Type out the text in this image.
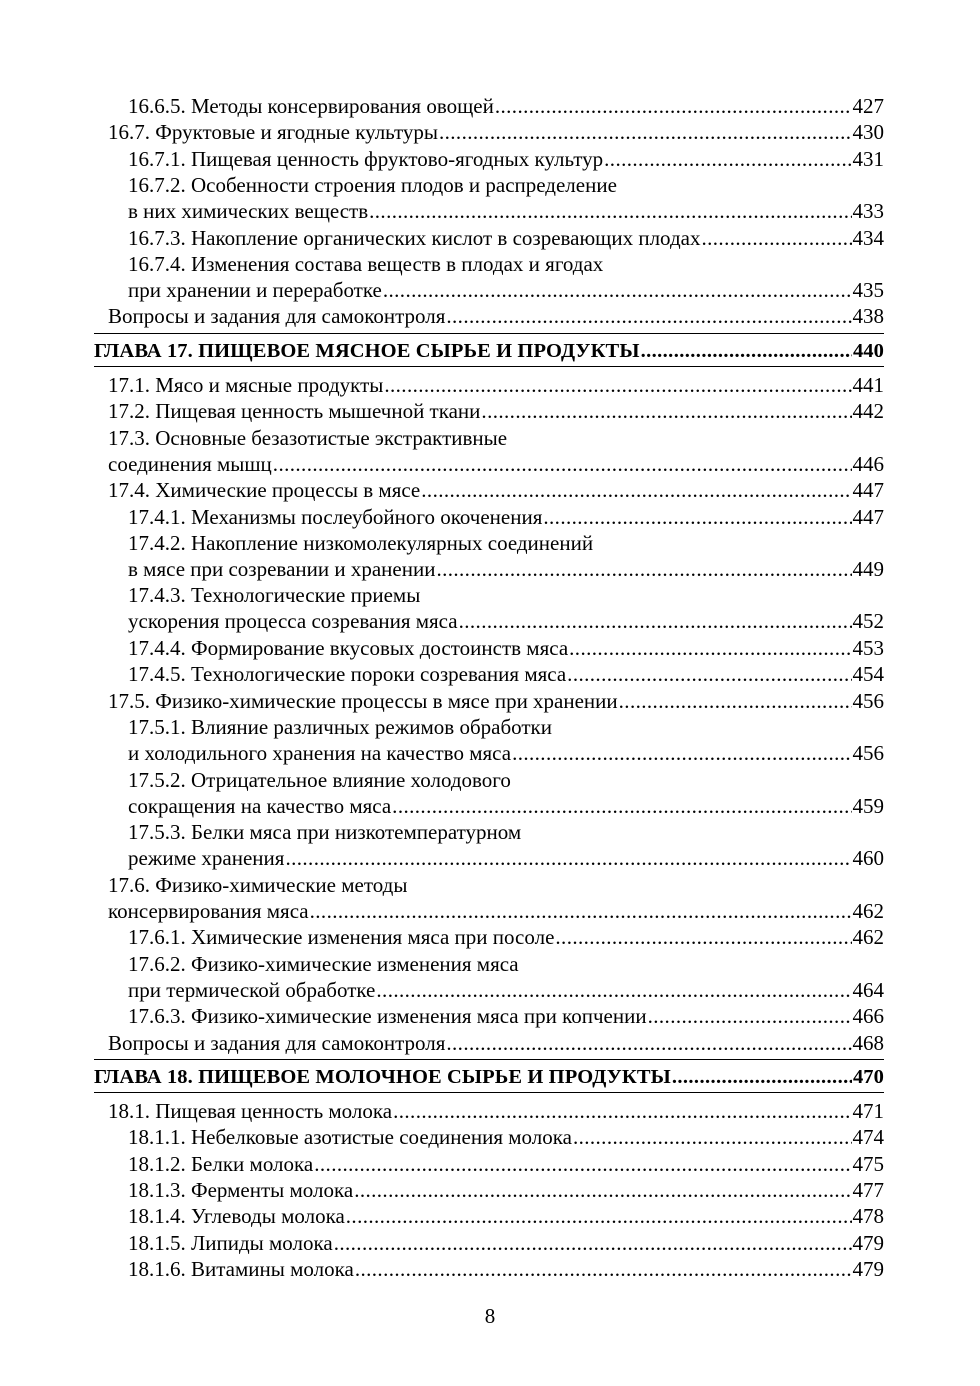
16.6.5. Методы консервирования овощей .....	427
16.7. Фруктовые и ягодные культуры .....	430
16.7.1. Пищевая ценность фруктово-ягодных культур .....	431
16.7.2. Особенности строения плодов и распределение
в них химических веществ .....	433
16.7.3. Накопление органических кислот в созревающих плодах .....	434
16.7.4. Изменения состава веществ в плодах и ягодах
при хранении и переработке .....	435
Вопросы и задания для самоконтроля .....	438
ГЛАВА 17. ПИЩЕВОЕ МЯСНОЕ СЫРЬЕ И ПРОДУКТЫ .....	440
17.1. Мясо и мясные продукты .....	441
17.2. Пищевая ценность мышечной ткани .....	442
17.3. Основные безазотистые экстрактивные
соединения мышц .....	446
17.4. Химические процессы в мясе .....	447
17.4.1. Механизмы послеубойного окоченения .....	447
17.4.2. Накопление низкомолекулярных соединений
в мясе при созревании и хранении .....	449
17.4.3. Технологические приемы
ускорения процесса созревания мяса .....	452
17.4.4. Формирование вкусовых достоинств мяса .....	453
17.4.5. Технологические пороки созревания мяса .....	454
17.5. Физико-химические процессы в мясе при хранении .....	456
17.5.1. Влияние различных режимов обработки
и холодильного хранения на качество мяса .....	456
17.5.2. Отрицательное влияние холодового
сокращения на качество мяса .....	459
17.5.3. Белки мяса при низкотемпературном
режиме хранения .....	460
17.6. Физико-химические методы
консервирования мяса .....	462
17.6.1. Химические изменения мяса при посоле .....	462
17.6.2. Физико-химические изменения мяса
при термической обработке .....	464
17.6.3. Физико-химические изменения мяса при копчении .....	466
Вопросы и задания для самоконтроля .....	468
ГЛАВА 18. ПИЩЕВОЕ МОЛОЧНОЕ СЫРЬЕ И ПРОДУКТЫ .....	470
18.1. Пищевая ценность молока .....	471
18.1.1. Небелковые азотистые соединения молока .....	474
18.1.2. Белки молока .....	475
18.1.3. Ферменты молока .....	477
18.1.4. Углеводы молока .....	478
18.1.5. Липиды молока .....	479
18.1.6. Витамины молока .....	479
8
